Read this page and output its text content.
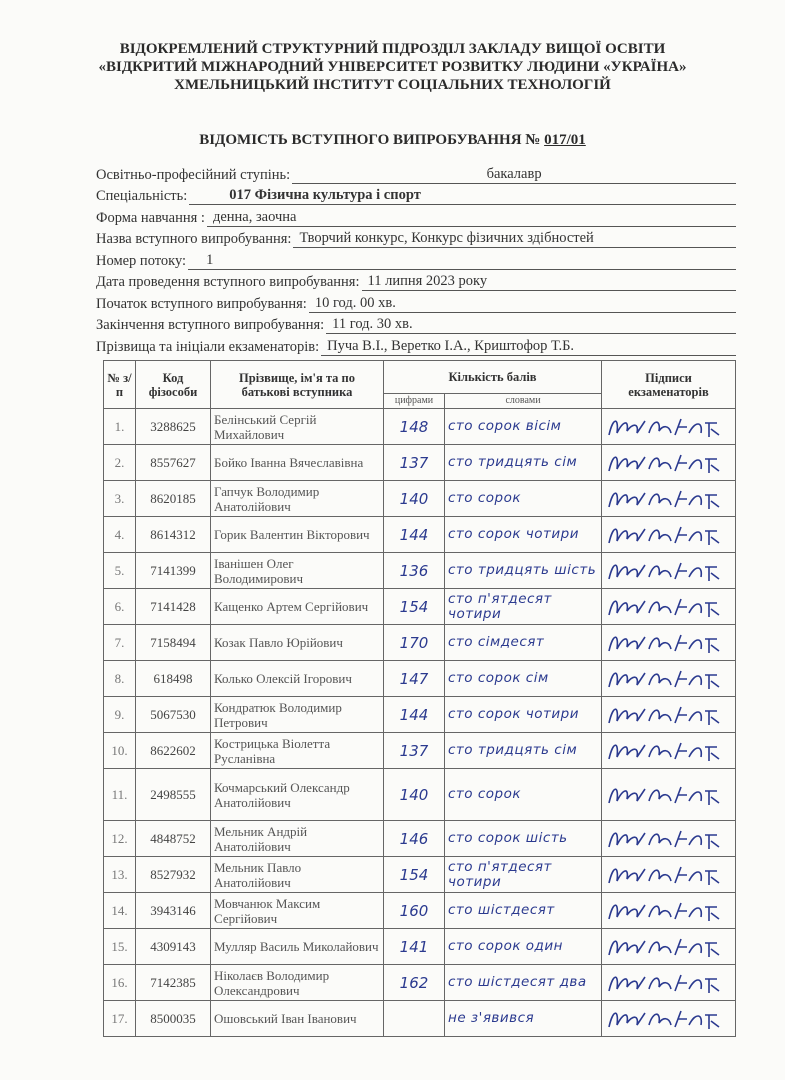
ВІДОКРЕМЛЕНИЙ СТРУКТУРНИЙ ПІДРОЗДІЛ ЗАКЛАДУ ВИЩОЇ ОСВІТИ
«ВІДКРИТИЙ МІЖНАРОДНИЙ УНІВЕРСИТЕТ РОЗВИТКУ ЛЮДИНИ «УКРАЇНА»
ХМЕЛЬНИЦЬКИЙ ІНСТИТУТ СОЦІАЛЬНИХ ТЕХНОЛОГІЙ
ВІДОМІСТЬ ВСТУПНОГО ВИПРОБУВАННЯ № 017/01
Освітньо-професійний ступінь:	бакалавр
Спеціальність:	017 Фізична культура і спорт
Форма навчання : денна, заочна
Назва вступного випробування: Творчий конкурс, Конкурс фізичних здібностей
Номер потоку:	1
Дата проведення вступного випробування: 11 липня 2023 року
Початок вступного випробування: 10 год. 00 хв.
Закінчення вступного випробування: 11 год. 30 хв.
Прізвища та ініціали екзаменаторів: Пуча В.І., Веретко І.А., Криштофор Т.Б.
№ з/п	Код фізособи	Прізвище, ім'я та по батькові вступника	Кількість балів		Підписи екзаменаторів
			цифрами	словами	
1.	3288625	Белінський Сергій Михайлович	148	сто сорок вісім	

2.	8557627	Бойко Іванна Вячеславівна	137	сто тридцять сім	

3.	8620185	Гапчук Володимир Анатолійович	140	сто сорок	

4.	8614312	Горик Валентин Вікторович	144	сто сорок чотири	

5.	7141399	Іванішен Олег Володимирович	136	сто тридцять шість	

6.	7141428	Кащенко Артем Сергійович	154	сто п'ятдесят чотири	

7.	7158494	Козак Павло Юрійович	170	сто сімдесят	

8.	618498	Колько Олексій Ігорович	147	сто сорок сім	

9.	5067530	Кондратюк Володимир Петрович	144	сто сорок чотири	

10.	8622602	Кострицька Віолетта Русланівна	137	сто тридцять сім	

11.	2498555	Кочмарський Олександр Анатолійович	140	сто сорок	

12.	4848752	Мельник Андрій Анатолійович	146	сто сорок шість	

13.	8527932	Мельник Павло Анатолійович	154	сто п'ятдесят чотири	

14.	3943146	Мовчанюк Максим Сергійович	160	сто шістдесят	

15.	4309143	Мулляр Василь Миколайович	141	сто сорок один	

16.	7142385	Ніколаєв Володимир Олександрович	162	сто шістдесят два	

17.	8500035	Ошовський Іван Іванович		не з'явився	
